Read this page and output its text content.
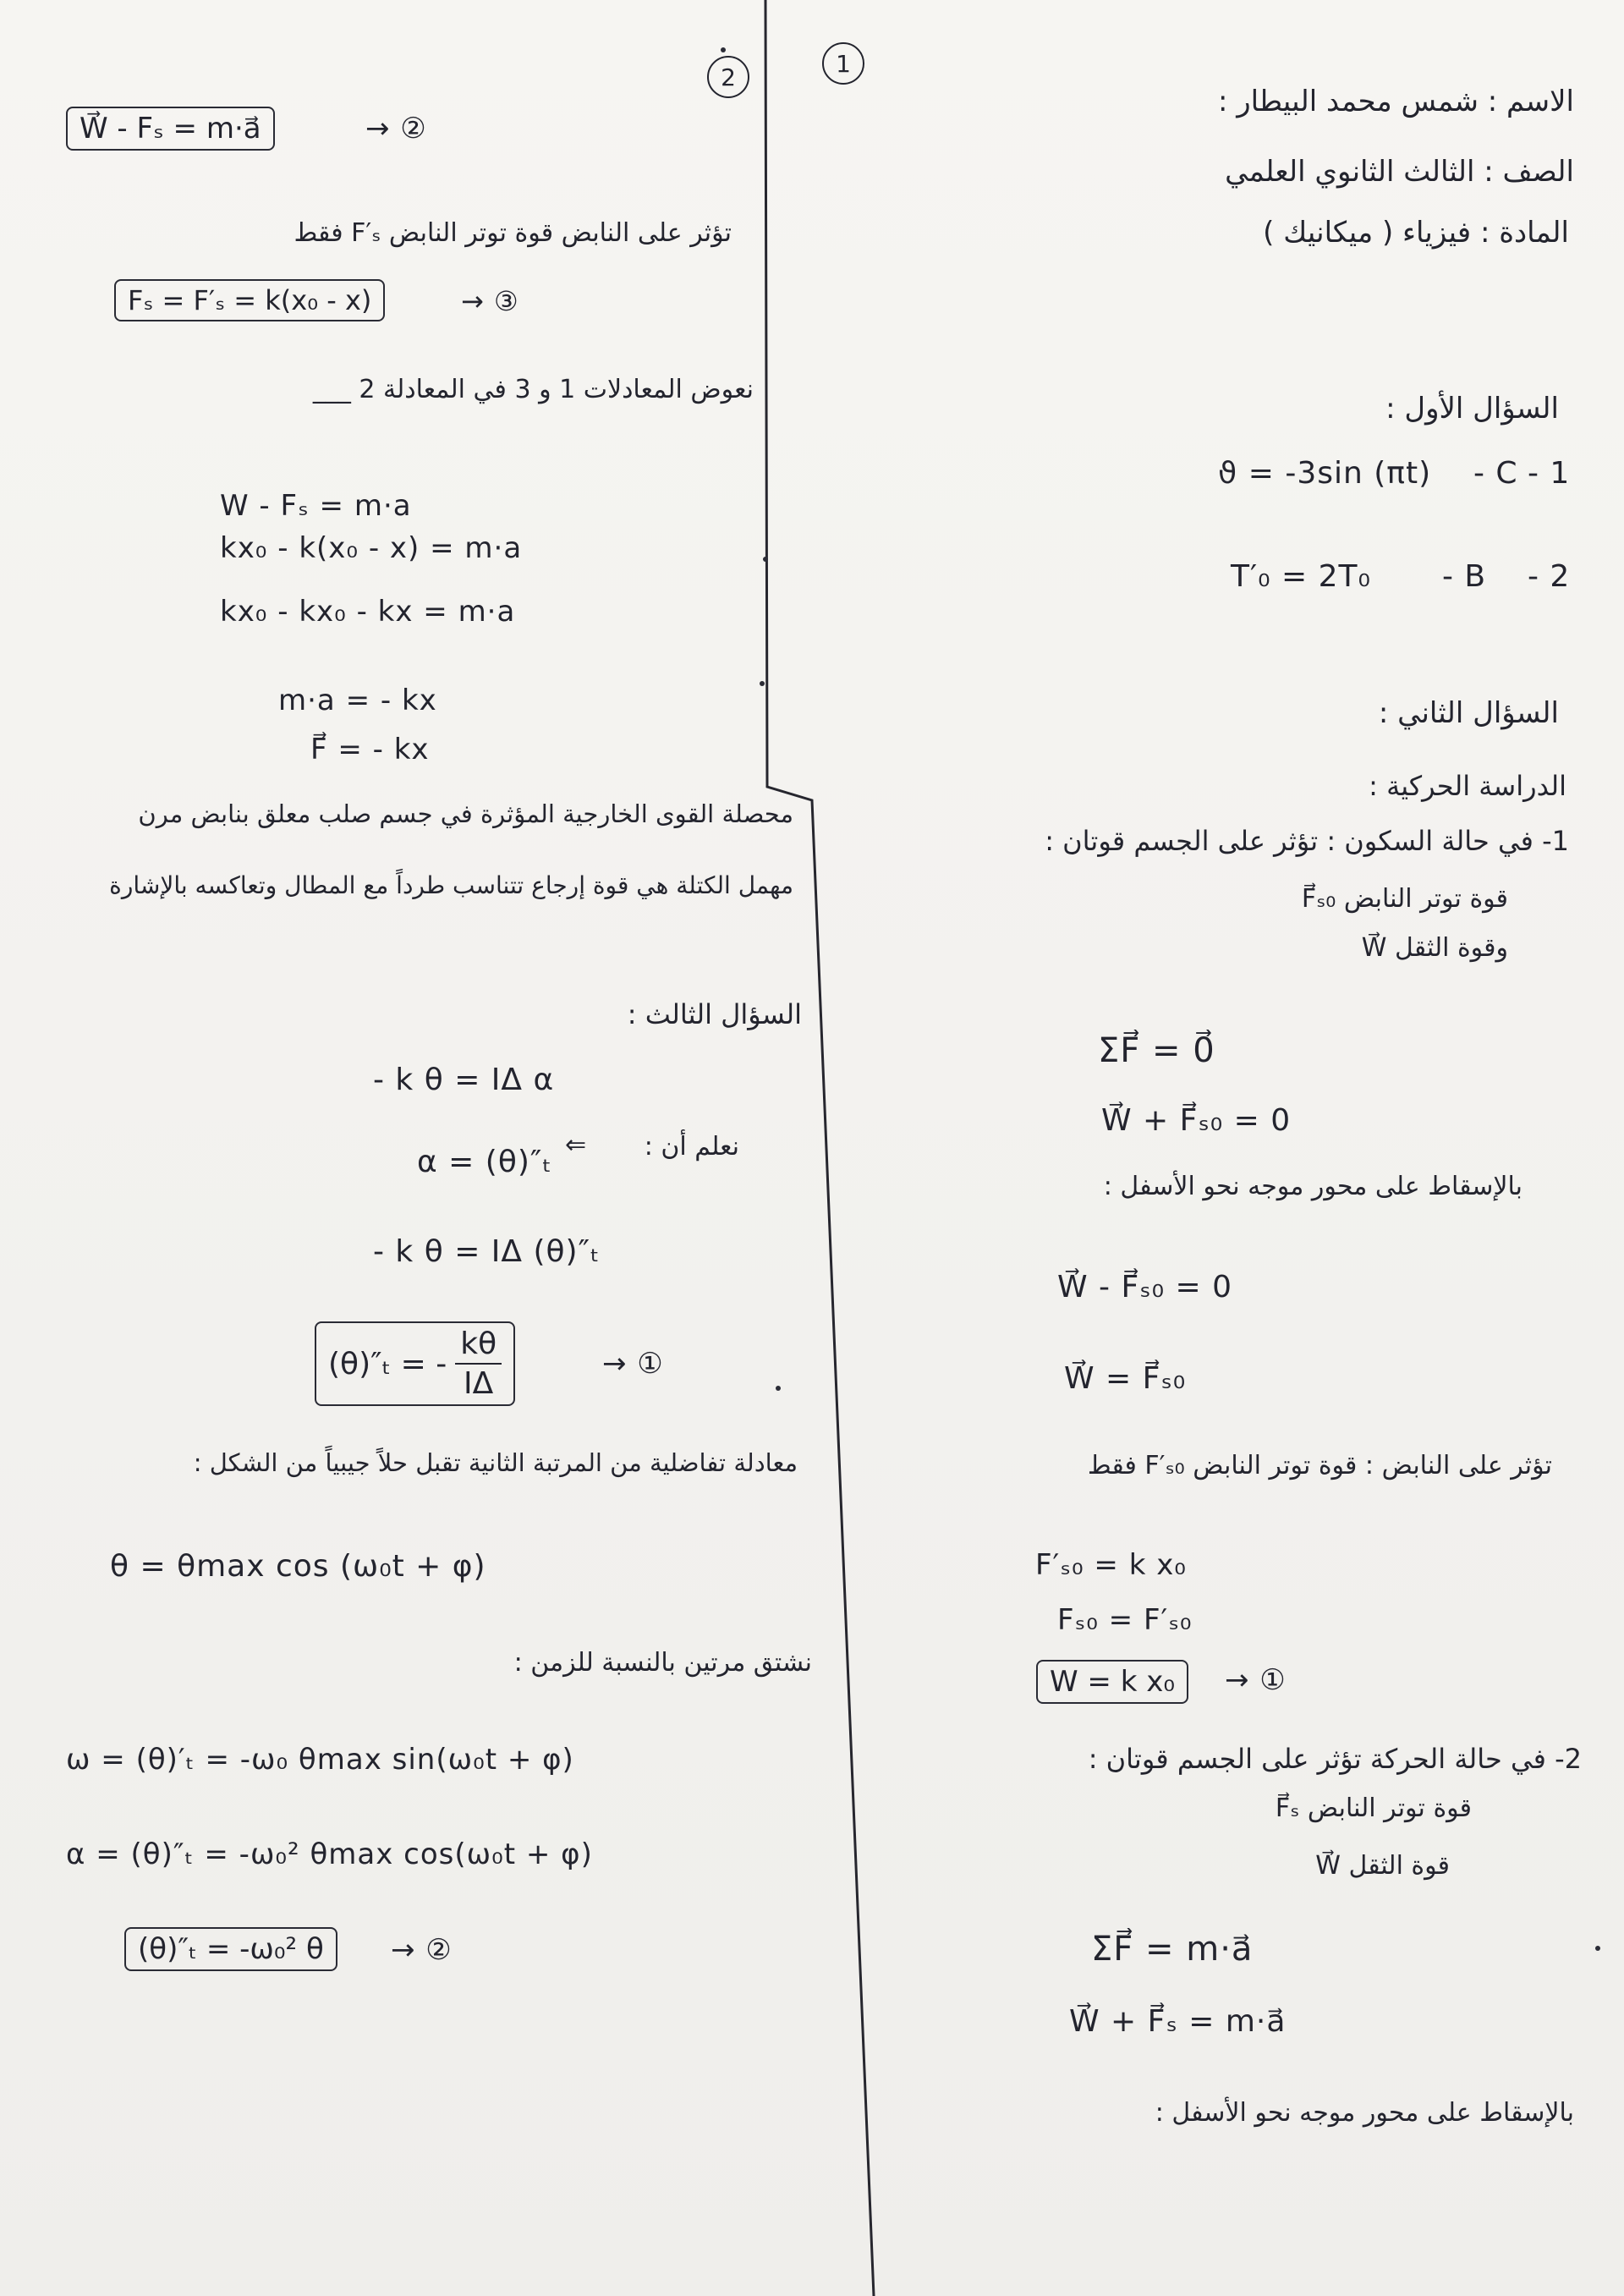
1
الاسم : شمس محمد البيطار :
الصف : الثالث الثانوي العلمي
المادة : فيزياء ( ميكانيك )
السؤال الأول :
ϑ = -3sin (πt) - C - 1
T′₀ = 2T₀ - B - 2
السؤال الثاني :
الدراسة الحركية :
1- في حالة السكون : تؤثر على الجسم قوتان :
قوة توتر النابض F⃗ₛ₀
وقوة الثقل W⃗
ΣF⃗ = 0⃗
W⃗ + F⃗ₛ₀ = 0
بالإسقاط على محور موجه نحو الأسفل :
W⃗ - F⃗ₛ₀ = 0
W⃗ = F⃗ₛ₀
تؤثر على النابض : قوة توتر النابض F′ₛ₀ فقط
F′ₛ₀ = k x₀
Fₛ₀ = F′ₛ₀
W = k x₀	→ ①
2- في حالة الحركة تؤثر على الجسم قوتان :
قوة توتر النابض F⃗ₛ
قوة الثقل W⃗
ΣF⃗ = m·a⃗
W⃗ + F⃗ₛ = m·a⃗
بالإسقاط على محور موجه نحو الأسفل :
2
W⃗ - Fₛ = m·a⃗	→ ②
تؤثر على النابض قوة توتر النابض F′ₛ فقط
Fₛ = F′ₛ = k(x₀ - x)	→ ③
نعوض المعادلات 1 و 3 في المعادلة 2 ___
W - Fₛ = m·a
kx₀ - k(x₀ - x) = m·a
kx₀ - kx₀ - kx = m·a
m·a = - kx
F⃗ = - kx
محصلة القوى الخارجية المؤثرة في جسم صلب معلق بنابض مرن
مهمل الكتلة هي قوة إرجاع تتناسب طرداً مع المطال وتعاكسه بالإشارة
السؤال الثالث :
- k θ = IΔ α
نعلم أن :
⇐
α = (θ)″ₜ
- k θ = IΔ (θ)″ₜ
(θ)″ₜ = - $\frac{k\theta}{I\Delta}$	→ ①
معادلة تفاضلية من المرتبة الثانية تقبل حلاً جيبياً من الشكل :
θ = θmax cos (ω₀t + φ)
نشتق مرتين بالنسبة للزمن :
ω = (θ)′ₜ = -ω₀ θmax sin(ω₀t + φ)
α = (θ)″ₜ = -ω₀² θmax cos(ω₀t + φ)
(θ)″ₜ = -ω₀² θ	→ ②
